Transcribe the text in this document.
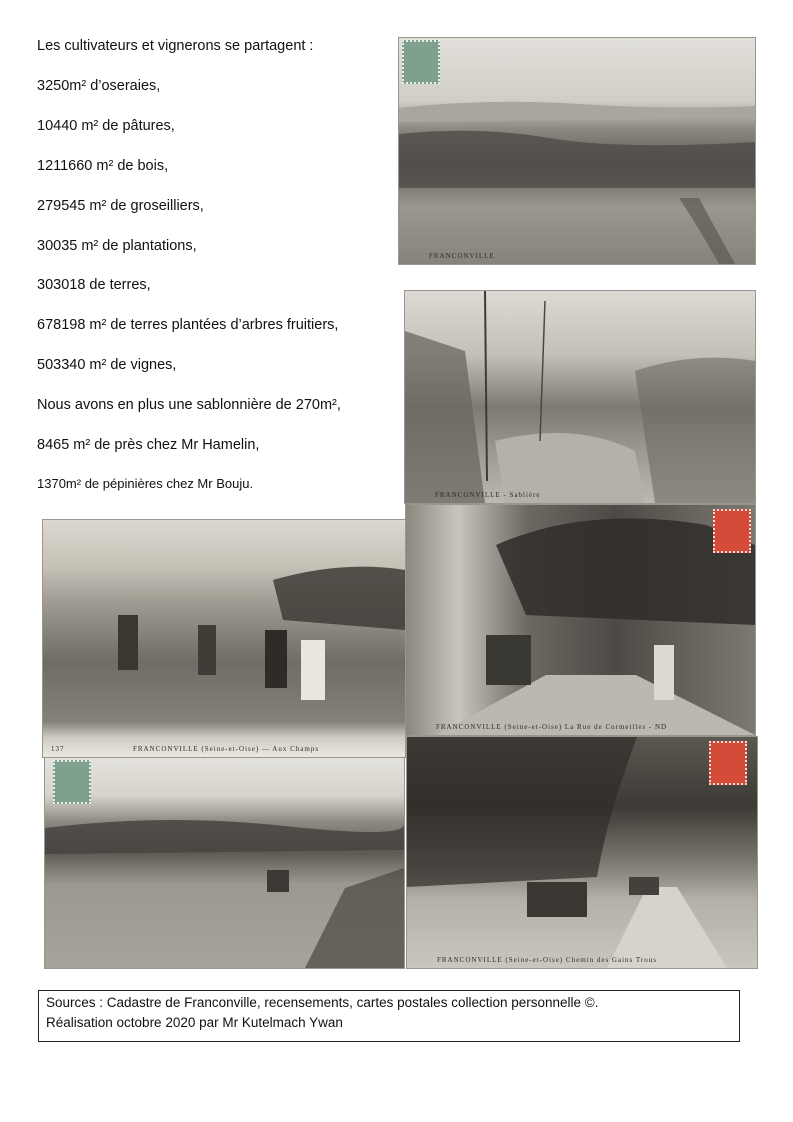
Les cultivateurs et vignerons se partagent :
3250m² d’oseraies,
10440 m² de pâtures,
1211660 m² de bois,
279545 m² de groseilliers,
30035 m² de plantations,
303018 de terres,
678198 m² de terres plantées d’arbres fruitiers,
503340 m² de vignes,
Nous avons en plus une sablonnière de 270m²,
8465 m² de près chez Mr Hamelin,
1370m² de pépinières chez Mr Bouju.
FRANCONVILLE
FRANCONVILLE - Sablière
137	FRANCONVILLE (Seine-et-Oise) — Aux Champs
FRANCONVILLE (Seine-et-Oise) La Rue de Cormeilles - ND
FRANCONVILLE (Seine-et-Oise) Chemin des Gains Trous
Sources : Cadastre de Franconville, recensements, cartes postales collection personnelle ©.
Réalisation octobre 2020 par Mr Kutelmach Ywan
